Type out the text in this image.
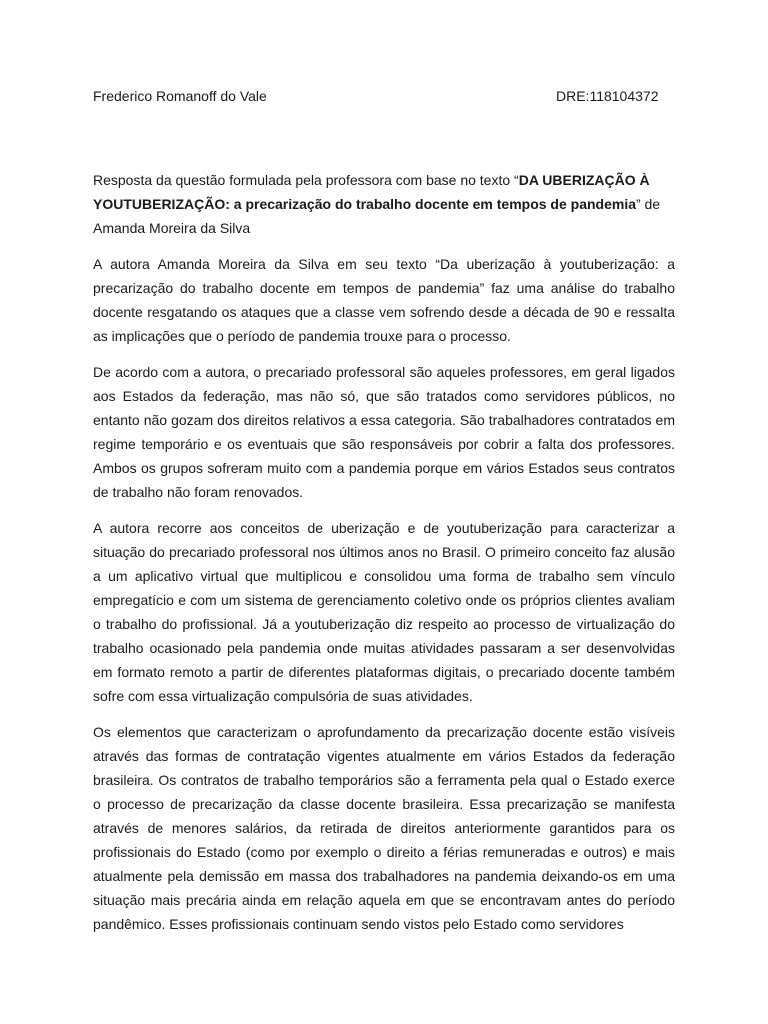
Frederico Romanoff do Vale	DRE:118104372

Resposta da questão formulada pela professora com base no texto “DA UBERIZAÇÃO À YOUTUBERIZAÇÃO: a precarização do trabalho docente em tempos de pandemia” de Amanda Moreira da Silva

A autora Amanda Moreira da Silva em seu texto “Da uberização à youtuberização: a precarização do trabalho docente em tempos de pandemia” faz uma análise do trabalho docente resgatando os ataques que a classe vem sofrendo desde a década de 90 e ressalta as implicações que o período de pandemia trouxe para o processo.

De acordo com a autora, o precariado professoral são aqueles professores, em geral ligados aos Estados da federação, mas não só, que são tratados como servidores públicos, no entanto não gozam dos direitos relativos a essa categoria. São trabalhadores contratados em regime temporário e os eventuais que são responsáveis por cobrir a falta dos professores. Ambos os grupos sofreram muito com a pandemia porque em vários Estados seus contratos de trabalho não foram renovados.

A autora recorre aos conceitos de uberização e de youtuberização para caracterizar a situação do precariado professoral nos últimos anos no Brasil. O primeiro conceito faz alusão a um aplicativo virtual que multiplicou e consolidou uma forma de trabalho sem vínculo empregatício e com um sistema de gerenciamento coletivo onde os próprios clientes avaliam o trabalho do profissional. Já a youtuberização diz respeito ao processo de virtualização do trabalho ocasionado pela pandemia onde muitas atividades passaram a ser desenvolvidas em formato remoto a partir de diferentes plataformas digitais, o precariado docente também sofre com essa virtualização compulsória de suas atividades.

Os elementos que caracterizam o aprofundamento da precarização docente estão visíveis através das formas de contratação vigentes atualmente em vários Estados da federação brasileira. Os contratos de trabalho temporários são a ferramenta pela qual o Estado exerce o processo de precarização da classe docente brasileira. Essa precarização se manifesta através de menores salários, da retirada de direitos anteriormente garantidos para os profissionais do Estado (como por exemplo o direito a férias remuneradas e outros) e mais atualmente pela demissão em massa dos trabalhadores na pandemia deixando-os em uma situação mais precária ainda em relação aquela em que se encontravam antes do período pandêmico. Esses profissionais continuam sendo vistos pelo Estado como servidores
